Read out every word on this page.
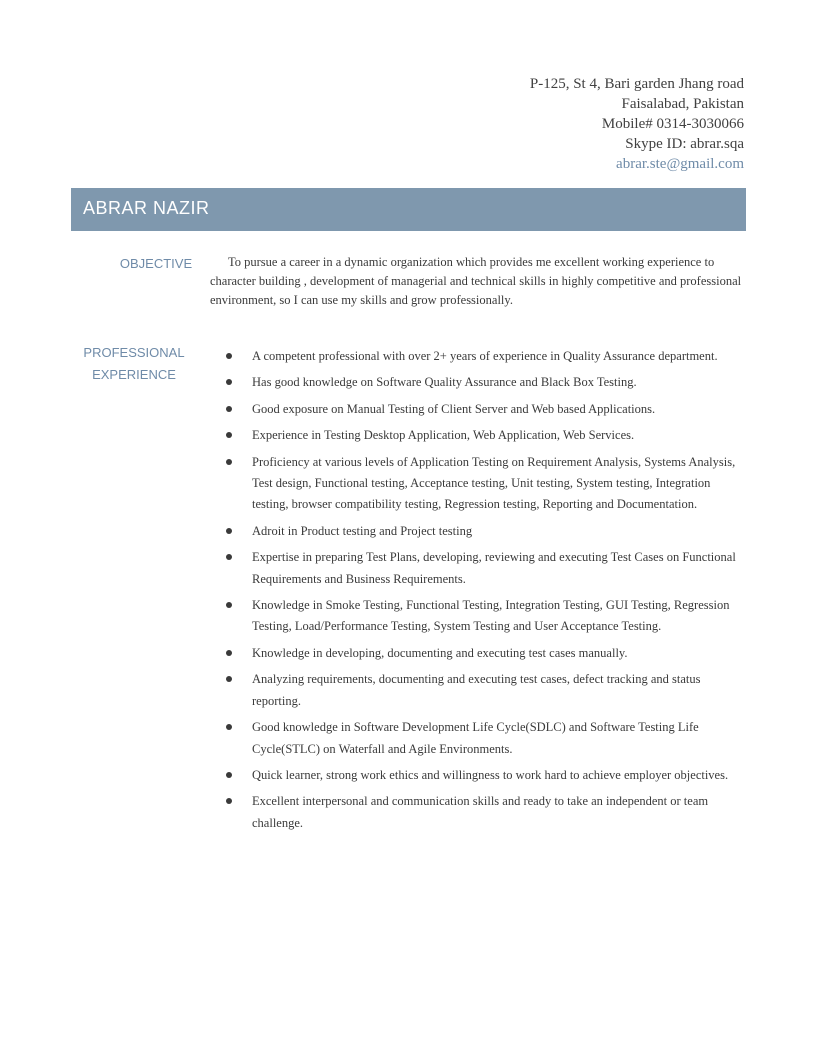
P-125, St 4, Bari garden Jhang road
Faisalabad, Pakistan
Mobile# 0314-3030066
Skype ID: abrar.sqa
abrar.ste@gmail.com
ABRAR NAZIR
OBJECTIVE	To pursue a career in a dynamic organization which provides me excellent working experience to character building , development of managerial and technical skills in highly competitive and professional environment, so I can use my skills and grow professionally.
PROFESSIONAL
EXPERIENCE
A competent professional with over 2+ years of experience in Quality Assurance department.
Has good knowledge on Software Quality Assurance and Black Box Testing.
Good exposure on Manual Testing of Client Server and Web based Applications.
Experience in Testing Desktop Application, Web Application, Web Services.
Proficiency at various levels of Application Testing on Requirement Analysis, Systems Analysis, Test design, Functional testing, Acceptance testing, Unit testing, System testing, Integration testing, browser compatibility testing, Regression testing, Reporting and Documentation.
Adroit in Product testing and Project testing
Expertise in preparing Test Plans, developing, reviewing and executing Test Cases on Functional Requirements and Business Requirements.
Knowledge in Smoke Testing, Functional Testing, Integration Testing, GUI Testing, Regression Testing, Load/Performance Testing, System Testing and User Acceptance Testing.
Knowledge in developing, documenting and executing test cases manually.
Analyzing requirements, documenting and executing test cases, defect tracking and status reporting.
Good knowledge in Software Development Life Cycle(SDLC) and Software Testing Life Cycle(STLC) on Waterfall and Agile Environments.
Quick learner, strong work ethics and willingness to work hard to achieve employer objectives.
Excellent interpersonal and communication skills and ready to take an independent or team challenge.
